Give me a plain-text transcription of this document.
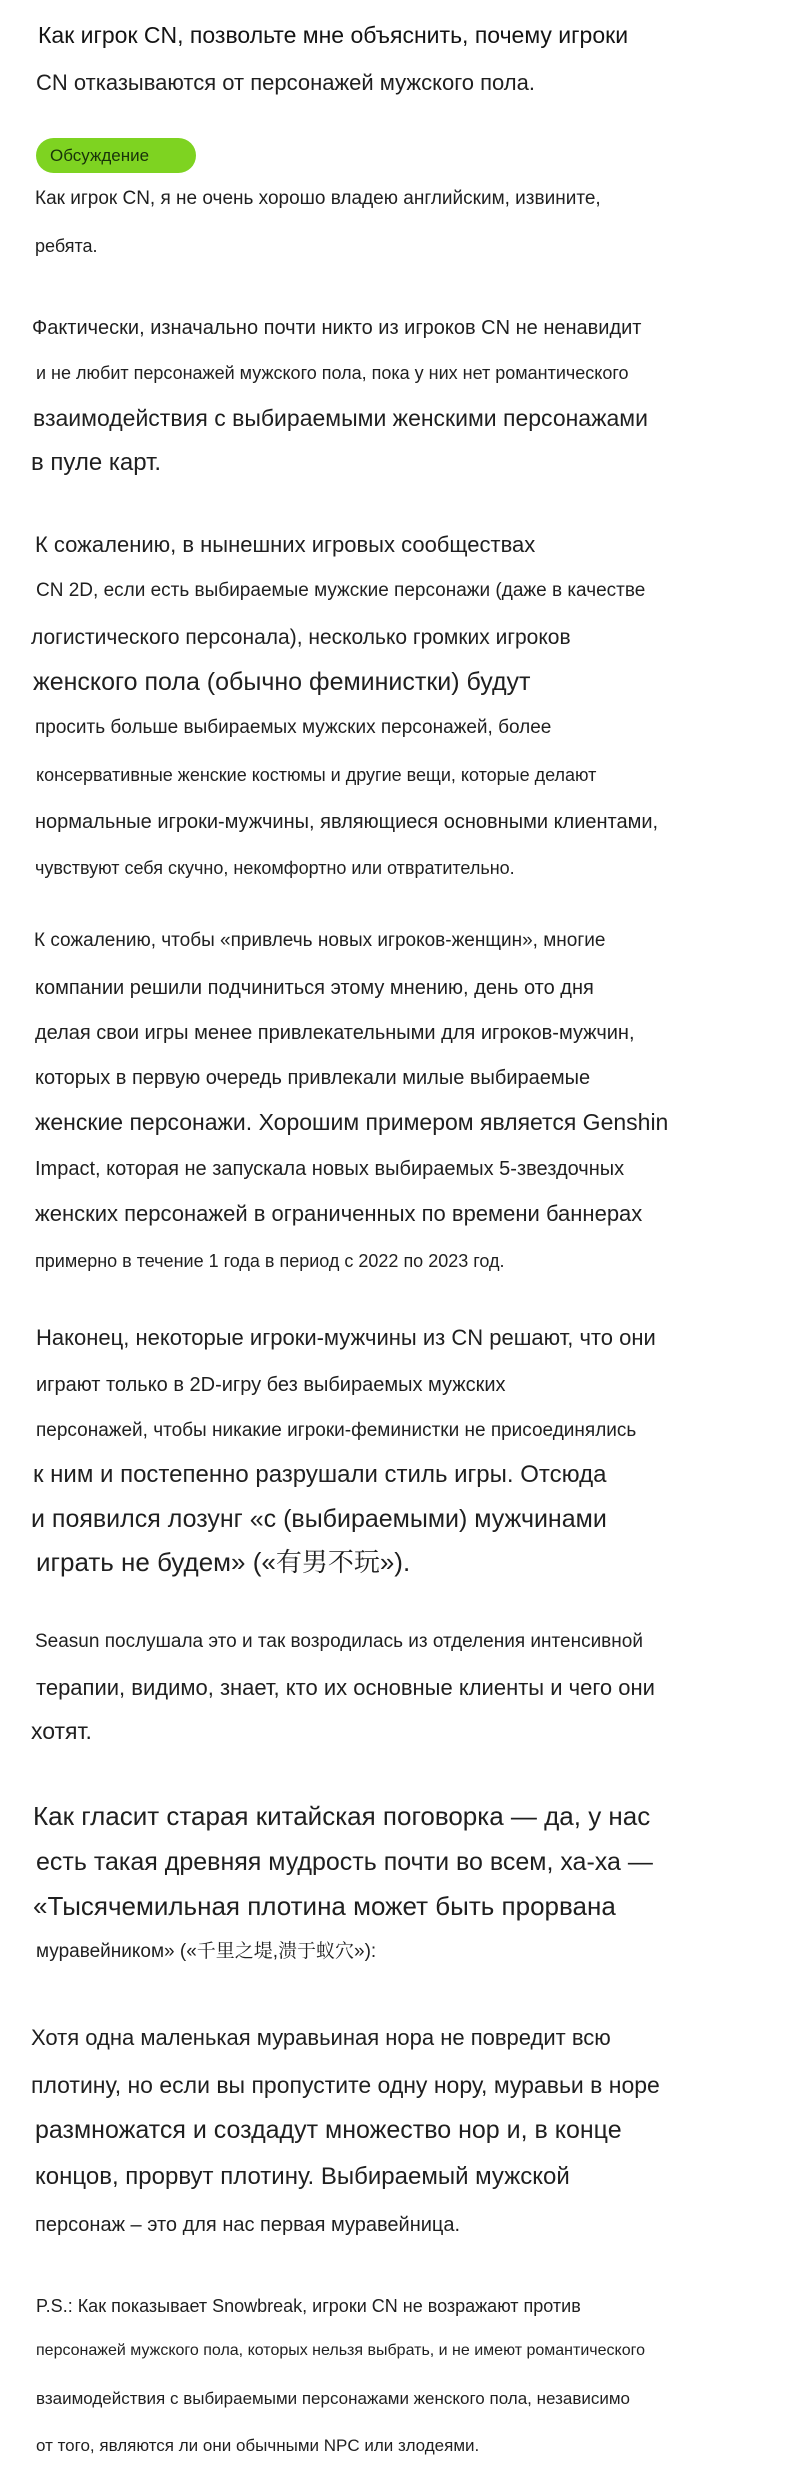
Как игрок CN, позвольте мне объяснить, почему игроки
CN отказываются от персонажей мужского пола.
Обсуждение
Как игрок CN, я не очень хорошо владею английским, извините,
ребята.
Фактически, изначально почти никто из игроков CN не ненавидит
и не любит персонажей мужского пола, пока у них нет романтического
взаимодействия с выбираемыми женскими персонажами
в пуле карт.
К сожалению, в нынешних игровых сообществах
CN 2D, если есть выбираемые мужские персонажи (даже в качестве
логистического персонала), несколько громких игроков
женского пола (обычно феминистки) будут
просить больше выбираемых мужских персонажей, более
консервативные женские костюмы и другие вещи, которые делают
нормальные игроки-мужчины, являющиеся основными клиентами,
чувствуют себя скучно, некомфортно или отвратительно.
К сожалению, чтобы «привлечь новых игроков-женщин», многие
компании решили подчиниться этому мнению, день ото дня
делая свои игры менее привлекательными для игроков-мужчин,
которых в первую очередь привлекали милые выбираемые
женские персонажи. Хорошим примером является Genshin
Impact, которая не запускала новых выбираемых 5-звездочных
женских персонажей в ограниченных по времени баннерах
примерно в течение 1 года в период с 2022 по 2023 год.
Наконец, некоторые игроки-мужчины из CN решают, что они
играют только в 2D-игру без выбираемых мужских
персонажей, чтобы никакие игроки-феминистки не присоединялись
к ним и постепенно разрушали стиль игры. Отсюда
и появился лозунг «с (выбираемыми) мужчинами
играть не будем» («有男不玩»).
Seasun послушала это и так возродилась из отделения интенсивной
терапии, видимо, знает, кто их основные клиенты и чего они
хотят.
Как гласит старая китайская поговорка — да, у нас
есть такая древняя мудрость почти во всем, ха-ха —
«Тысячемильная плотина может быть прорвана
муравейником» («千里之堤,溃于蚁穴»):
Хотя одна маленькая муравьиная нора не повредит всю
плотину, но если вы пропустите одну нору, муравьи в норе
размножатся и создадут множество нор и, в конце
концов, прорвут плотину. Выбираемый мужской
персонаж – это для нас первая муравейница.
P.S.: Как показывает Snowbreak, игроки CN не возражают против
персонажей мужского пола, которых нельзя выбрать, и не имеют романтического
взаимодействия с выбираемыми персонажами женского пола, независимо
от того, являются ли они обычными NPC или злодеями.
